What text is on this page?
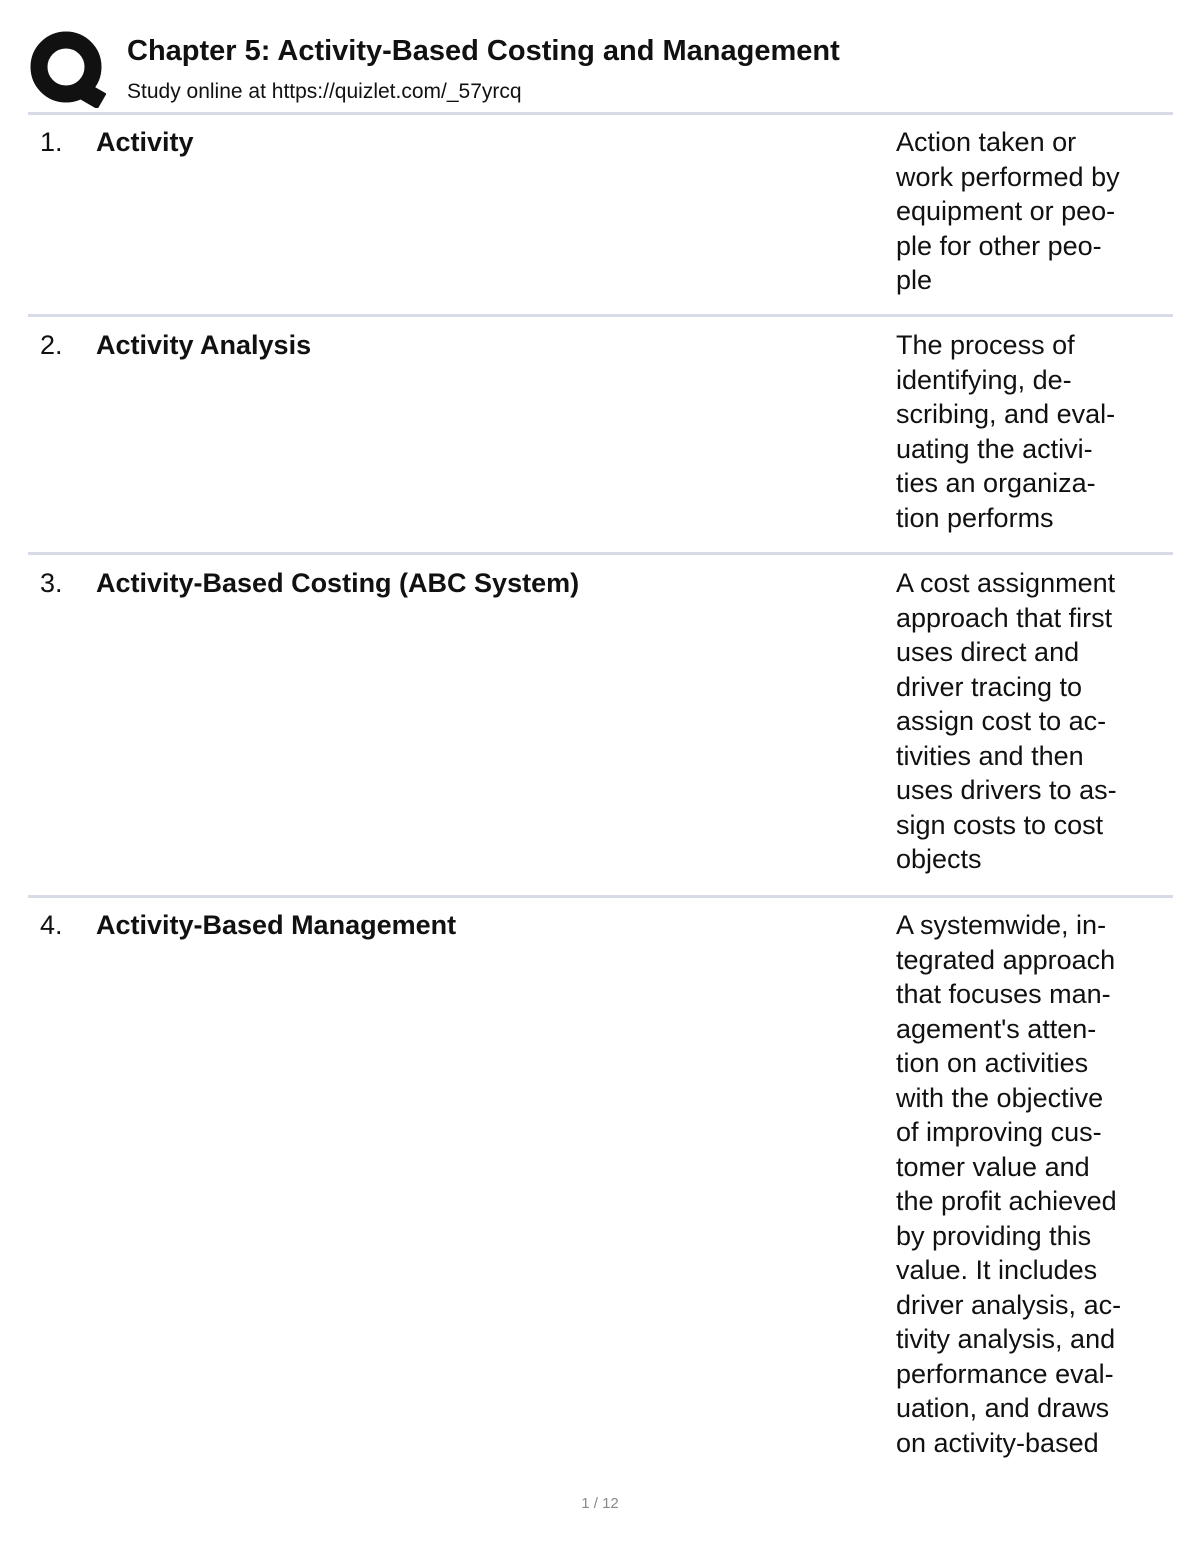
Chapter 5: Activity-Based Costing and Management
Study online at https://quizlet.com/_57yrcq
1. Activity	Action taken or
work performed by
equipment or peo-
ple for other peo-
ple
2. Activity Analysis	The process of
identifying, de-
scribing, and eval-
uating the activi-
ties an organiza-
tion performs
3. Activity-Based Costing (ABC System)	A cost assignment
approach that first
uses direct and
driver tracing to
assign cost to ac-
tivities and then
uses drivers to as-
sign costs to cost
objects
4. Activity-Based Management	A systemwide, in-
tegrated approach
that focuses man-
agement's atten-
tion on activities
with the objective
of improving cus-
tomer value and
the profit achieved
by providing this
value. It includes
driver analysis, ac-
tivity analysis, and
performance eval-
uation, and draws
on activity-based
1 / 12
